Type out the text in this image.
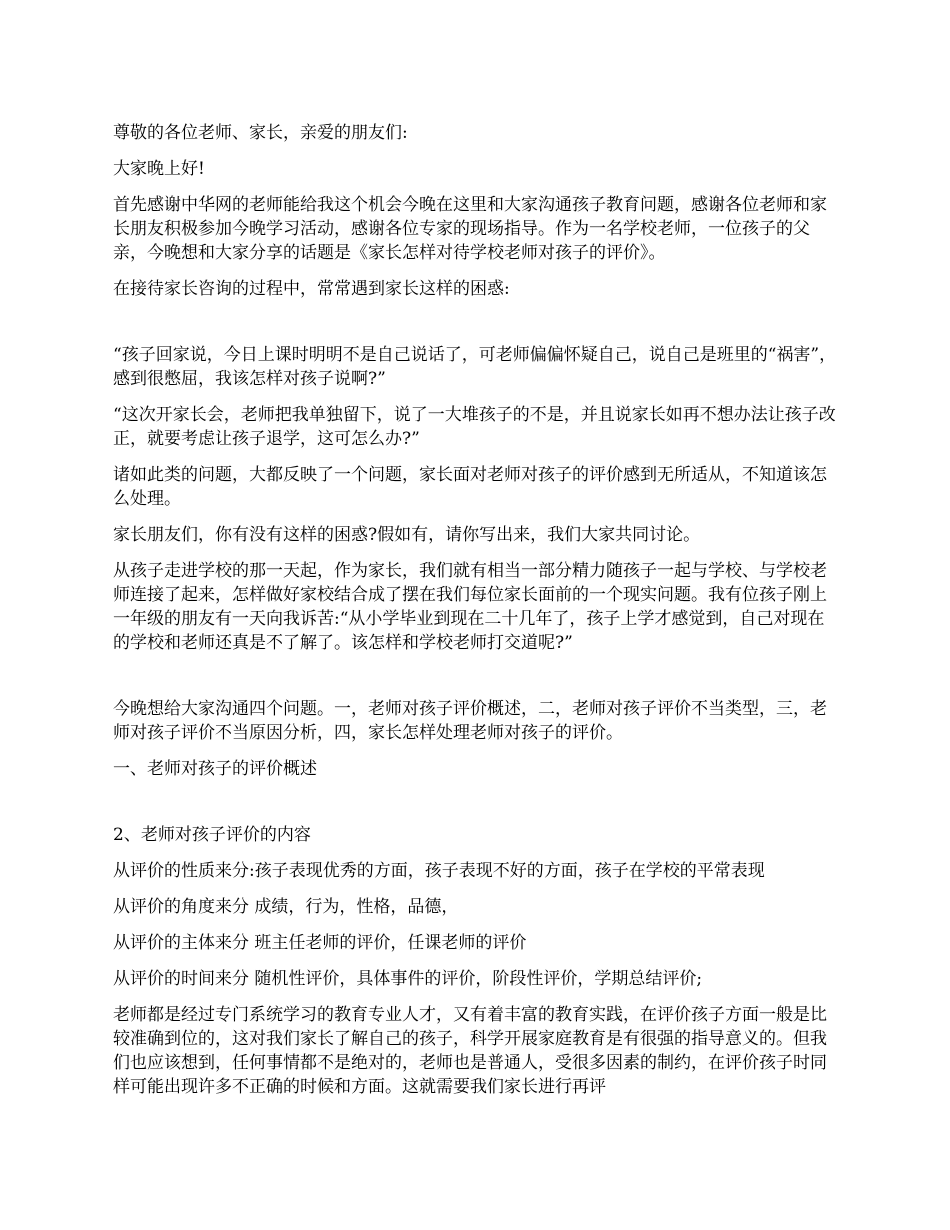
尊敬的各位老师、家长，亲爱的朋友们:

大家晚上好!

首先感谢中华网的老师能给我这个机会今晚在这里和大家沟通孩子教育问题，感谢各位老师和家长朋友积极参加今晚学习活动，感谢各位专家的现场指导。作为一名学校老师，一位孩子的父亲，今晚想和大家分享的话题是《家长怎样对待学校老师对孩子的评价》。

在接待家长咨询的过程中，常常遇到家长这样的困惑:

“孩子回家说，今日上课时明明不是自己说话了，可老师偏偏怀疑自己，说自己是班里的“祸害”，感到很憋屈，我该怎样对孩子说啊?”

“这次开家长会，老师把我单独留下，说了一大堆孩子的不是，并且说家长如再不想办法让孩子改正，就要考虑让孩子退学，这可怎么办?”

诸如此类的问题，大都反映了一个问题，家长面对老师对孩子的评价感到无所适从，不知道该怎么处理。

家长朋友们，你有没有这样的困惑?假如有，请你写出来，我们大家共同讨论。

从孩子走进学校的那一天起，作为家长，我们就有相当一部分精力随孩子一起与学校、与学校老师连接了起来，怎样做好家校结合成了摆在我们每位家长面前的一个现实问题。我有位孩子刚上一年级的朋友有一天向我诉苦:“从小学毕业到现在二十几年了，孩子上学才感觉到，自己对现在的学校和老师还真是不了解了。该怎样和学校老师打交道呢?”

今晚想给大家沟通四个问题。一，老师对孩子评价概述，二，老师对孩子评价不当类型，三，老师对孩子评价不当原因分析，四，家长怎样处理老师对孩子的评价。

一、老师对孩子的评价概述

2、老师对孩子评价的内容

从评价的性质来分:孩子表现优秀的方面，孩子表现不好的方面，孩子在学校的平常表现

从评价的角度来分 成绩，行为，性格，品德，

从评价的主体来分 班主任老师的评价，任课老师的评价

从评价的时间来分 随机性评价，具体事件的评价，阶段性评价，学期总结评价;

老师都是经过专门系统学习的教育专业人才，又有着丰富的教育实践，在评价孩子方面一般是比较准确到位的，这对我们家长了解自己的孩子，科学开展家庭教育是有很强的指导意义的。但我们也应该想到，任何事情都不是绝对的，老师也是普通人，受很多因素的制约，在评价孩子时同样可能出现许多不正确的时候和方面。这就需要我们家长进行再评
